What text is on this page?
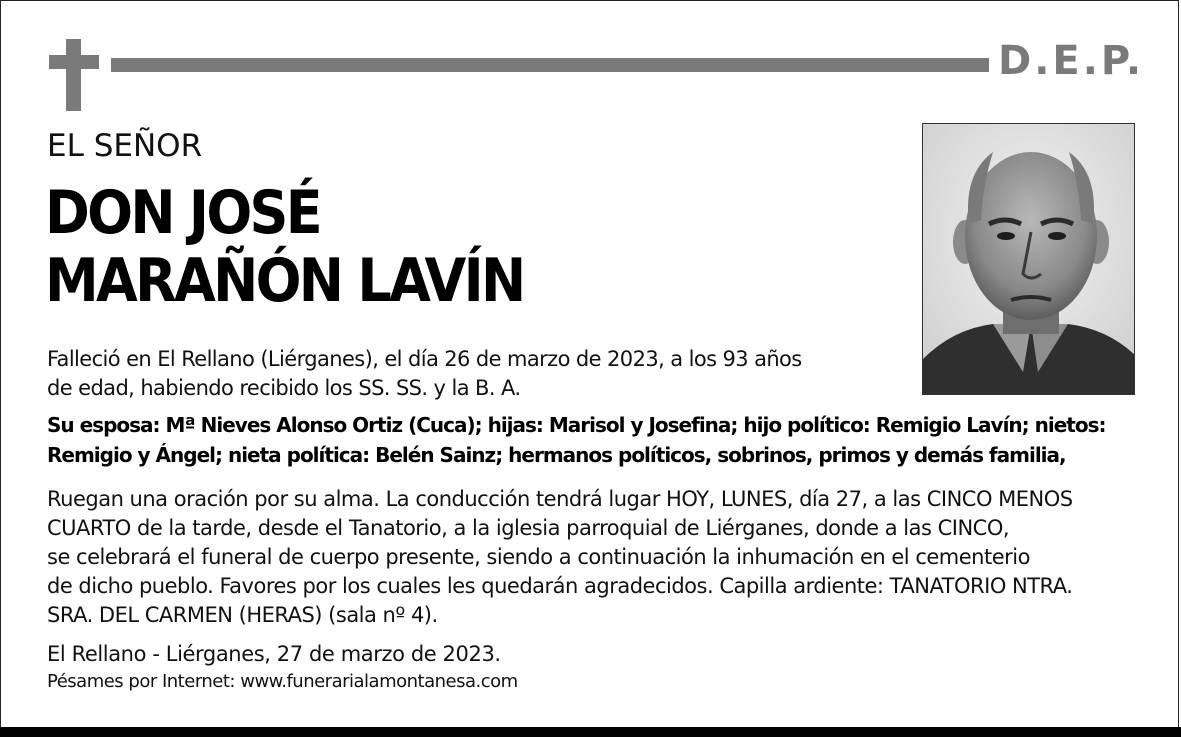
D.E.P.
EL SEÑOR
DON JOSÉ
MARAÑÓN LAVÍN
Falleció en El Rellano (Liérganes), el día 26 de marzo de 2023, a los 93 años
de edad, habiendo recibido los SS. SS. y la B. A.
Su esposa: Mª Nieves Alonso Ortiz (Cuca); hijas: Marisol y Josefina; hijo político: Remigio Lavín; nietos:
Remigio y Ángel; nieta política: Belén Sainz; hermanos políticos, sobrinos, primos y demás familia,
Ruegan una oración por su alma. La conducción tendrá lugar HOY, LUNES, día 27, a las CINCO MENOS
CUARTO de la tarde, desde el Tanatorio, a la iglesia parroquial de Liérganes, donde a las CINCO,
se celebrará el funeral de cuerpo presente, siendo a continuación la inhumación en el cementerio
de dicho pueblo. Favores por los cuales les quedarán agradecidos. Capilla ardiente: TANATORIO NTRA.
SRA. DEL CARMEN (HERAS) (sala nº 4).
El Rellano - Liérganes, 27 de marzo de 2023.
Pésames por Internet: www.funerarialamontanesa.com
